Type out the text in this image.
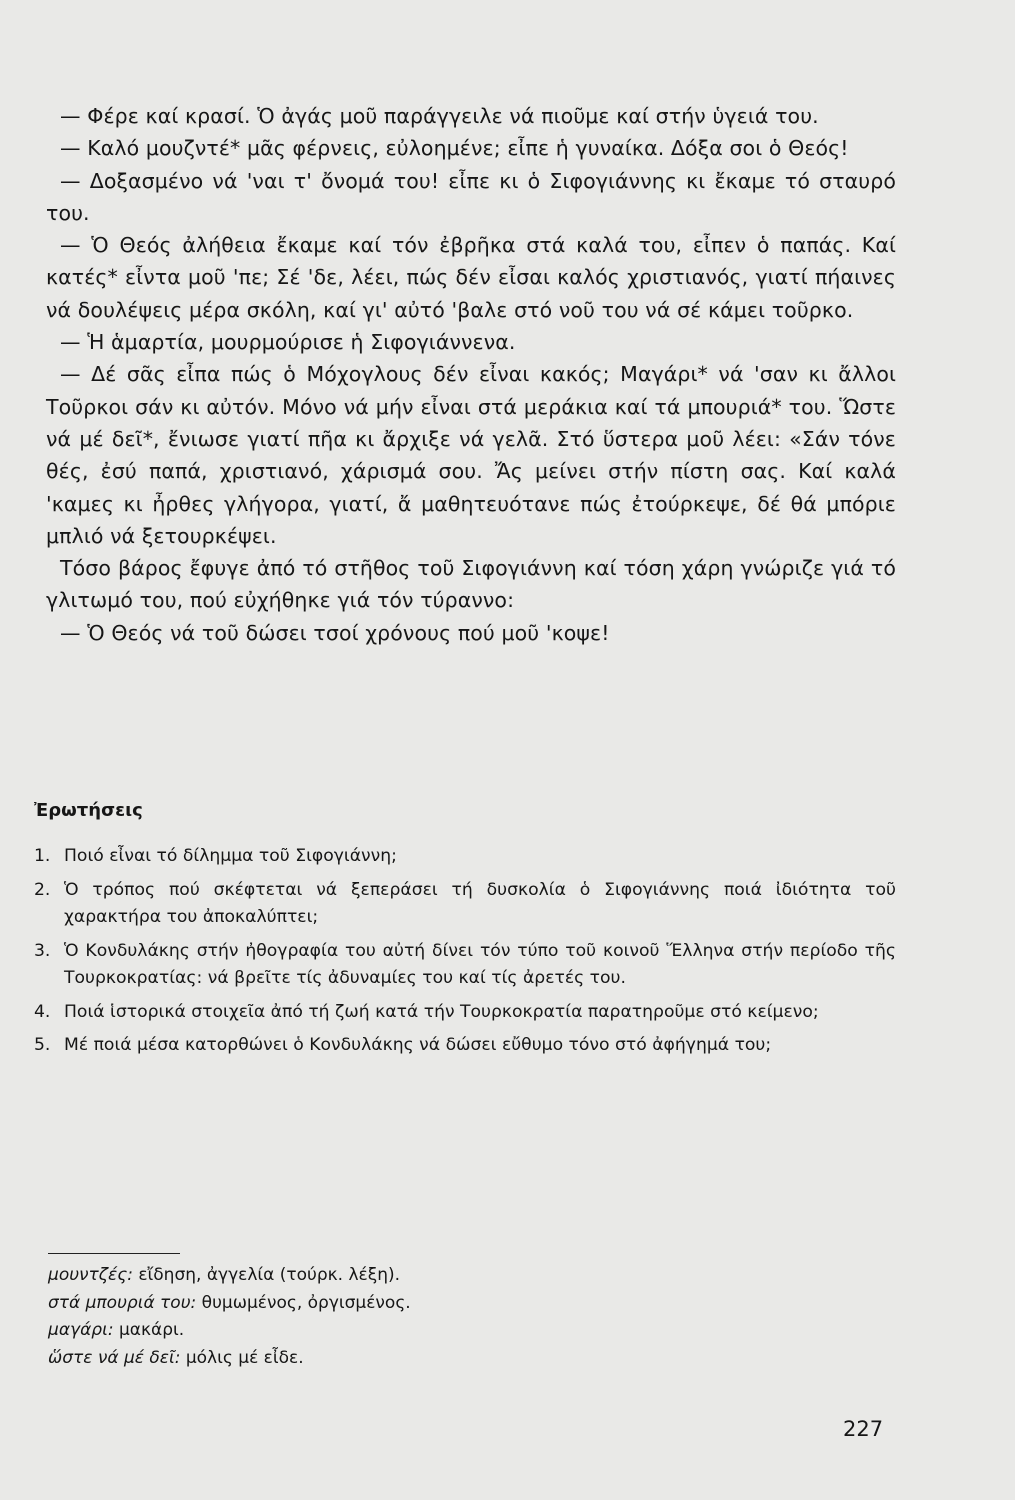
— Φέρε καί κρασί. Ὁ ἀγάς μοῦ παράγγειλε νά πιοῦμε καί στήν ὑγειά του.

— Καλό μουζντέ* μᾶς φέρνεις, εὐλοημένε; εἶπε ἡ γυναίκα. Δόξα σοι ὁ Θεός!

— Δοξασμένο νά 'ναι τ' ὄνομά του! εἶπε κι ὁ Σιφογιάννης κι ἔκαμε τό σταυρό του.

— Ὁ Θεός ἀλήθεια ἔκαμε καί τόν ἐβρῆκα στά καλά του, εἶπεν ὁ παπάς. Καί κατές* εἶντα μοῦ 'πε; Σέ 'δε, λέει, πώς δέν εἶσαι καλός χριστιανός, γιατί πήαινες νά δουλέψεις μέρα σκόλη, καί γι' αὐτό 'βαλε στό νοῦ του νά σέ κάμει τοῦρκο.

— Ἡ ἁμαρτία, μουρμούρισε ἡ Σιφογιάννενα.

— Δέ σᾶς εἶπα πώς ὁ Μόχογλους δέν εἶναι κακός; Μαγάρι* νά 'σαν κι ἄλλοι Τοῦρκοι σάν κι αὐτόν. Μόνο νά μήν εἶναι στά μεράκια καί τά μπουριά* του. Ὥστε νά μέ δεῖ*, ἔνιωσε γιατί πῆα κι ἄρχιξε νά γελᾶ. Στό ὕστερα μοῦ λέει: «Σάν τόνε θές, ἐσύ παπά, χριστιανό, χάρισμά σου. Ἄς μείνει στήν πίστη σας. Καί καλά 'καμες κι ἦρθες γλήγορα, γιατί, ἄ μαθητευότανε πώς ἐτούρκεψε, δέ θά μπόριε μπλιό νά ξετουρκέψει.

Τόσο βάρος ἔφυγε ἀπό τό στῆθος τοῦ Σιφογιάννη καί τόση χάρη γνώριζε γιά τό γλιτωμό του, πού εὐχήθηκε γιά τόν τύραννο:

— Ὁ Θεός νά τοῦ δώσει τσοί χρόνους πού μοῦ 'κοψε!

Ἐρωτήσεις
1. Ποιό εἶναι τό δίλημμα τοῦ Σιφογιάννη;
2. Ὁ τρόπος πού σκέφτεται νά ξεπεράσει τή δυσκολία ὁ Σιφογιάννης ποιά ἰδιότητα τοῦ χαρακτήρα του ἀποκαλύπτει;
3. Ὁ Κονδυλάκης στήν ἠθογραφία του αὐτή δίνει τόν τύπο τοῦ κοινοῦ Ἕλληνα στήν περίοδο τῆς Τουρκοκρατίας: νά βρεῖτε τίς ἀδυναμίες του καί τίς ἀρετές του.
4. Ποιά ἱστορικά στοιχεῖα ἀπό τή ζωή κατά τήν Τουρκοκρατία παρατηροῦμε στό κείμενο;
5. Μέ ποιά μέσα κατορθώνει ὁ Κονδυλάκης νά δώσει εὔθυμο τόνο στό ἀφήγημά του;
μουντζές: εἴδηση, ἀγγελία (τούρκ. λέξη).
στά μπουριά του: θυμωμένος, ὀργισμένος.
μαγάρι: μακάρι.
ὥστε νά μέ δεῖ: μόλις μέ εἶδε.
227
